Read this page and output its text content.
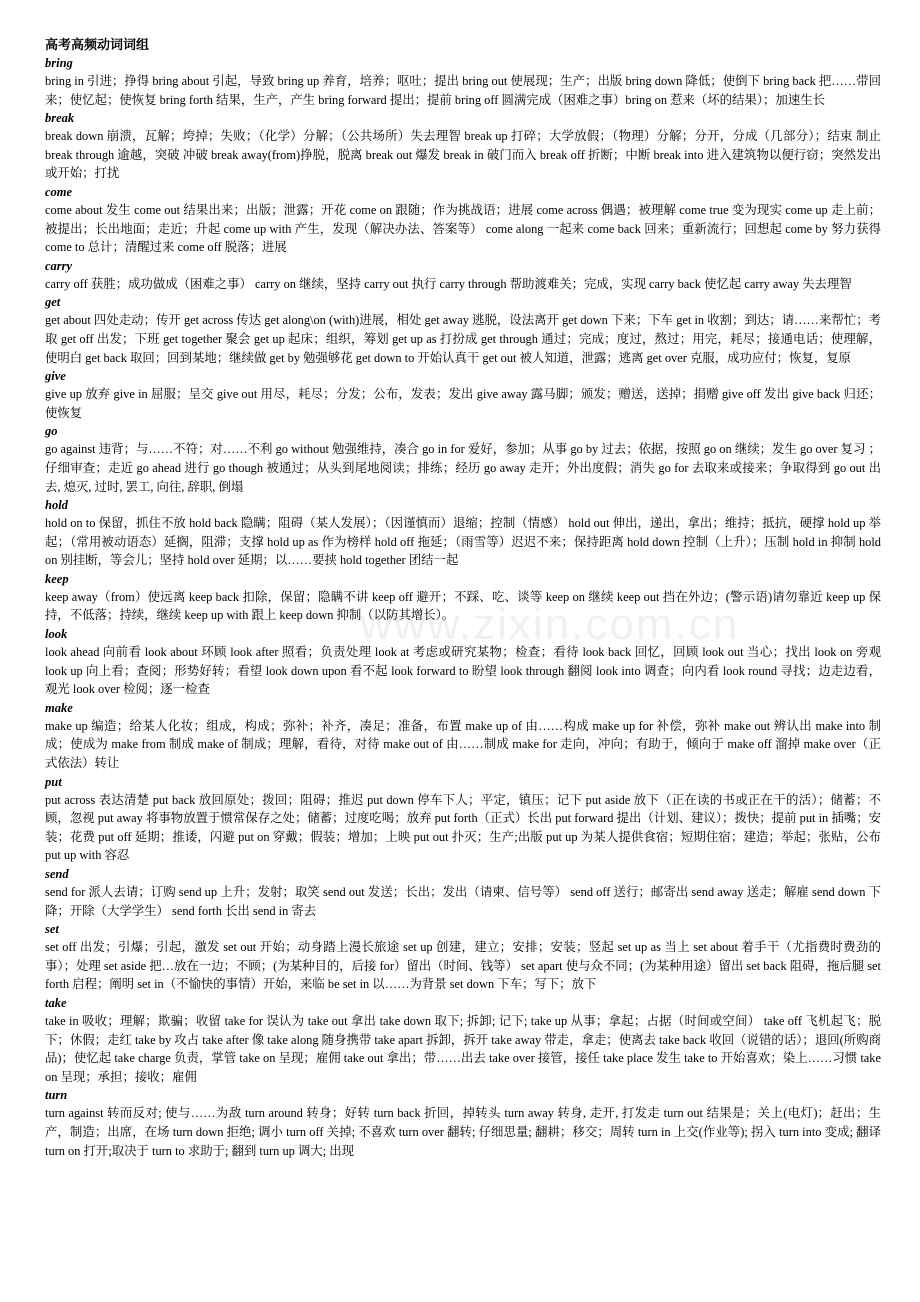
高考高频动词词组

bring

bring in 引进；挣得 bring about 引起，导致 bring up 养育，培养；呕吐；提出 bring out 使展现；生产；出版 bring down 降低；使倒下 bring back 把……带回来；使忆起；使恢复 bring forth 结果，生产，产生 bring forward 提出；提前 bring off 圆满完成（困难之事）bring on 惹来（坏的结果）；加速生长

break

break down 崩溃，瓦解；垮掉；失败；（化学）分解；（公共场所）失去理智 break up 打碎；大学放假；（物理）分解；分开，分成（几部分）；结束 制止 break through 逾越，突破 冲破 break away(from)挣脱，脱离 break out 爆发 break in 破门而入 break off 折断；中断 break into 进入建筑物以便行窃；突然发出或开始；打扰

come

come about 发生 come out 结果出来；出版；泄露；开花 come on 跟随；作为挑战语；进展 come across 偶遇；被理解 come true 变为现实 come up 走上前；被提出；长出地面；走近；升起 come up with 产生，发现（解决办法、答案等） come along 一起来 come back 回来；重新流行；回想起 come by 努力获得 come to 总计；清醒过来 come off 脱落；进展

carry

carry off 获胜；成功做成（困难之事） carry on 继续，坚持 carry out 执行 carry through 帮助渡难关；完成，实现 carry back 使忆起 carry away 失去理智

get

get about 四处走动；传开 get across 传达 get along\on (with)进展，相处 get away 逃脱，设法离开 get down 下来；下车 get in 收割；到达；请……来帮忙；考取 get off 出发；下班 get together 聚会 get up 起床；组织，筹划 get up as 打扮成 get through 通过；完成；度过，熬过；用完，耗尽；接通电话；使理解，使明白 get back 取回；回到某地；继续做 get by 勉强够花 get down to 开始认真干 get out 被人知道，泄露；逃离 get over 克服，成功应付；恢复，复原

give

give up 放弃 give in 屈服；呈交 give out 用尽，耗尽；分发；公布，发表；发出 give away 露马脚；颁发；赠送，送掉；捐赠 give off 发出 give back 归还；使恢复

go

go against 违背；与……不符；对……不利 go without 勉强维持，凑合 go in for 爱好，参加；从事 go by 过去；依据，按照 go on 继续；发生 go over 复习 ；仔细审查；走近 go ahead 进行 go though 被通过；从头到尾地阅读；排练；经历 go away 走开；外出度假；消失 go for 去取来或接来；争取得到 go out 出去, 熄灭, 过时, 罢工, 向往, 辞职, 倒塌

hold

hold on to 保留，抓住不放 hold back 隐瞒；阻碍（某人发展）；（因谨慎而）退缩；控制（情感） hold out 伸出，递出，拿出；维持；抵抗，硬撑 hold up 举起；（常用被动语态）延搁，阻滞；支撑 hold up as 作为榜样 hold off 拖延；（雨雪等）迟迟不来；保持距离 hold down 控制（上升）；压制 hold in 抑制 hold on 别挂断，等会儿；坚持 hold over 延期；以……要挟 hold together 团结一起

keep

keep away（from）使远离 keep back 扣除，保留；隐瞒不讲 keep off 避开；不踩、吃、谈等 keep on 继续 keep out 挡在外边；(警示语)请勿靠近 keep up 保持，不低落；持续，继续 keep up with 跟上 keep down 抑制（以防其增长）。

look

look ahead 向前看 look about 环顾 look after 照看；负责处理 look at 考虑或研究某物；检查；看待 look back 回忆，回顾 look out 当心；找出 look on 旁观 look up 向上看；查阅；形势好转；看望 look down upon 看不起 look forward to 盼望 look through 翻阅 look into 调查；向内看 look round 寻找；边走边看，观光 look over 检阅；逐一检查

make

make up 编造；给某人化妆；组成，构成；弥补；补齐，凑足；准备，布置 make up of 由……构成 make up for 补偿，弥补 make out 辨认出 make into 制成；使成为 make from 制成 make of 制成；理解，看待，对待 make out of 由……制成 make for 走向，冲向；有助于，倾向于 make off 溜掉 make over（正式依法）转让

put

put across 表达清楚 put back 放回原处；拨回；阻碍；推迟 put down 停车下人；平定，镇压；记下 put aside 放下（正在读的书或正在干的活）；储蓄；不顾，忽视 put away 将事物放置于惯常保存之处；储蓄；过度吃喝；放弃 put forth（正式）长出 put forward 提出（计划、建议）；拨快；提前 put in 插嘴；安装；花费 put off 延期；推诿，闪避 put on 穿戴；假装；增加；上映 put out 扑灭；生产;出版 put up 为某人提供食宿；短期住宿；建造；举起；张贴，公布 put up with 容忍

send

send for 派人去请；订购 send up 上升；发射；取笑 send out 发送；长出；发出（请柬、信号等） send off 送行；邮寄出 send away 送走；解雇 send down 下降；开除（大学学生） send forth 长出 send in 寄去

set

set off 出发；引爆；引起，激发 set out 开始；动身踏上漫长旅途 set up 创建，建立；安排；安装；竖起 set up as 当上 set about 着手干（尤指费时费劲的事）；处理 set aside 把…放在一边；不顾；(为某种目的，后接 for）留出（时间、钱等） set apart 使与众不同；(为某种用途）留出 set back 阻碍，拖后腿 set forth 启程；阐明 set in（不愉快的事情）开始，来临 be set in 以……为背景 set down 下车；写下；放下

take

take in 吸收；理解；欺骗；收留 take for 误认为 take out 拿出 take down 取下; 拆卸; 记下; take up 从事；拿起；占据（时间或空间） take off 飞机起飞；脱下；休假；走红 take by 攻占 take after 像 take along 随身携带 take apart 拆卸，拆开 take away 带走，拿走；使离去 take back 收回（说错的话）；退回(所购商品)；使忆起 take charge 负责，掌管 take on 呈现；雇佣 take out 拿出；带……出去 take over 接管，接任 take place 发生 take to 开始喜欢；染上……习惯 take on 呈现；承担；接收；雇佣

turn

turn against 转而反对; 使与……为敌 turn around 转身；好转 turn back 折回，掉转头 turn away 转身, 走开, 打发走 turn out 结果是；关上(电灯)；赶出；生产，制造；出席，在场 turn down 拒绝; 调小 turn off 关掉; 不喜欢 turn over 翻转; 仔细思量; 翻耕；移交；周转 turn in 上交(作业等); 拐入 turn into 变成; 翻译 turn on 打开;取决于 turn to 求助于; 翻到 turn up 调大; 出现

www.zixin.com.cn
